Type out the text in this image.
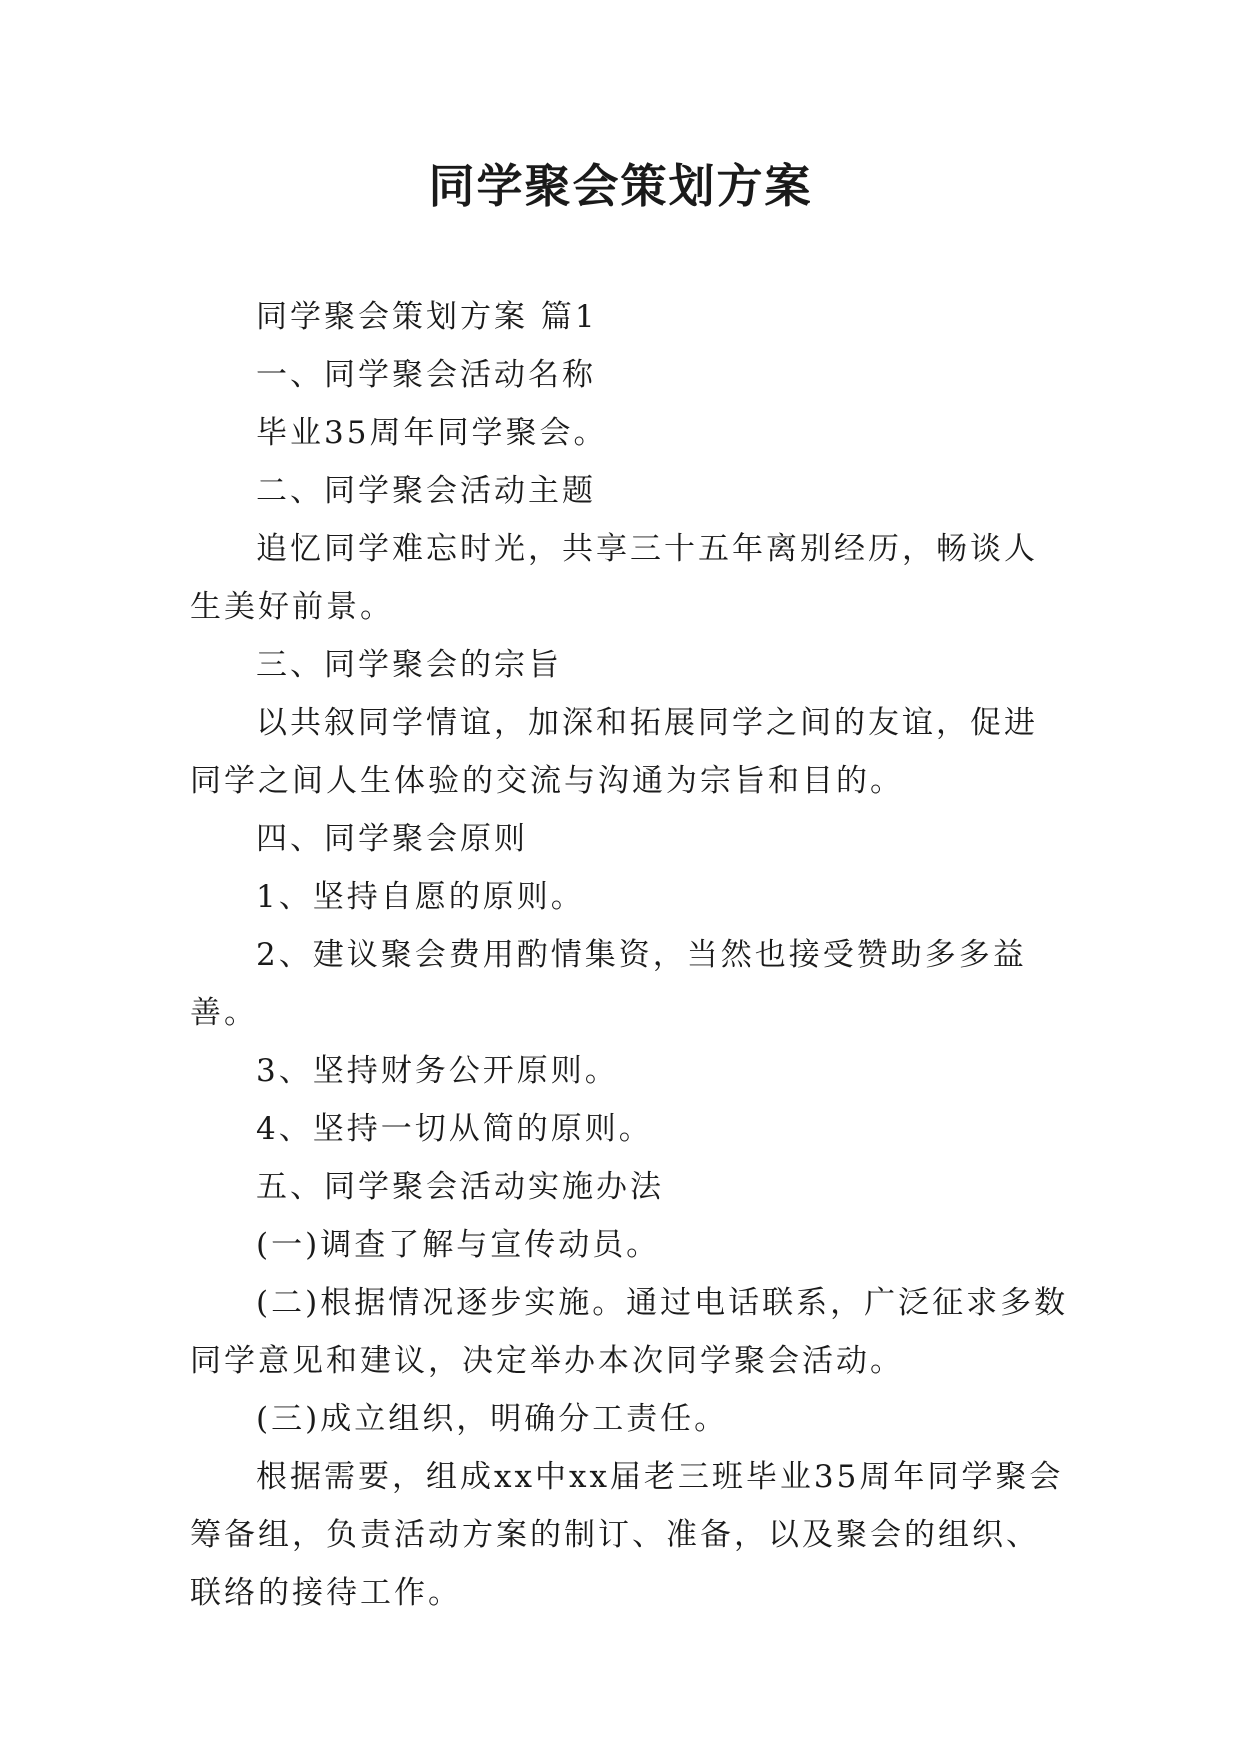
同学聚会策划方案

同学聚会策划方案 篇1

一、同学聚会活动名称

毕业35周年同学聚会。

二、同学聚会活动主题

追忆同学难忘时光，共享三十五年离别经历，畅谈人生美好前景。

三、同学聚会的宗旨

以共叙同学情谊，加深和拓展同学之间的友谊，促进同学之间人生体验的交流与沟通为宗旨和目的。

四、同学聚会原则

1、坚持自愿的原则。

2、建议聚会费用酌情集资，当然也接受赞助多多益善。

3、坚持财务公开原则。

4、坚持一切从简的原则。

五、同学聚会活动实施办法

(一)调查了解与宣传动员。

(二)根据情况逐步实施。通过电话联系，广泛征求多数同学意见和建议，决定举办本次同学聚会活动。

(三)成立组织，明确分工责任。

根据需要，组成xx中xx届老三班毕业35周年同学聚会筹备组，负责活动方案的制订、准备，以及聚会的组织、联络的接待工作。
